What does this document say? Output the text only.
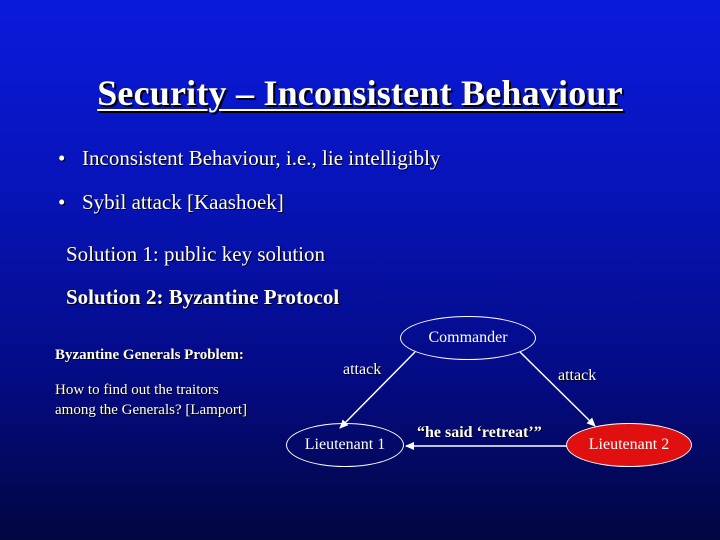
Security – Inconsistent Behaviour
• Inconsistent Behaviour, i.e., lie intelligibly
• Sybil attack [Kaashoek]
Solution 1: public key solution
Solution 2: Byzantine Protocol
Byzantine Generals Problem:
How to find out the traitors
among the Generals? [Lamport]
Commander
Lieutenant 1	Lieutenant 2
attack	attack
“he said ‘retreat’”
